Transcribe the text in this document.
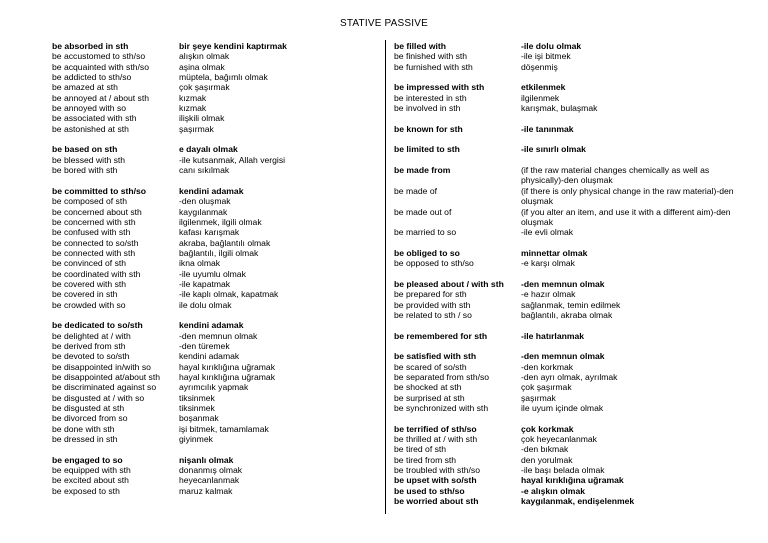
STATIVE PASSIVE
be absorbed in sth	bir şeye kendini kaptırmak
be accustomed to sth/so	alışkın olmak
be acquainted with sth/so	aşina olmak
be addicted to sth/so	müptela, bağımlı olmak
be amazed at sth	çok şaşırmak
be annoyed at / about sth	kızmak
be annoyed with so	kızmak
be associated with sth	ilişkili olmak
be astonished at sth	şaşırmak
be based on sth	e dayalı olmak
be blessed with sth	-ile kutsanmak, Allah vergisi
be bored with sth	canı sıkılmak
be committed to sth/so	kendini adamak
be composed of sth	-den oluşmak
be concerned about sth	kaygılanmak
be concerned with sth	ilgilenmek, ilgili olmak
be confused with sth	kafası karışmak
be connected to so/sth	akraba, bağlantılı olmak
be connected with sth	bağlantılı, ilgili olmak
be convinced of sth	ikna olmak
be coordinated with sth	-ile uyumlu olmak
be covered with sth	-ile kapatmak
be covered in sth	-ile kaplı olmak, kapatmak
be crowded with so	ile dolu olmak
be dedicated to so/sth	kendini adamak
be delighted at / with	-den memnun olmak
be derived from sth	-den türemek
be devoted to so/sth	kendini adamak
be disappointed in/with so	hayal kırıklığına uğramak
be disappointed at/about sth	hayal kırıklığına uğramak
be discriminated against so	ayrımcılık yapmak
be disgusted at / with so	tiksinmek
be disgusted at sth	tiksinmek
be divorced from so	boşanmak
be done with sth	işi bitmek, tamamlamak
be dressed in sth	giyinmek
be engaged to so	nişanlı olmak
be equipped with sth	donanmış olmak
be excited about sth	heyecanlanmak
be exposed to sth	maruz kalmak
be filled with	-ile dolu olmak
be finished with sth	-ile işi bitmek
be furnished with sth	döşenmiş
be impressed with sth	etkilenmek
be interested in sth	ilgilenmek
be involved in sth	karışmak, bulaşmak
be known for sth	-ile tanınmak
be limited to sth	-ile sınırlı olmak
be made from	(if the raw material changes chemically as well as physically)-den oluşmak
be made of	(if there is only physical change in the raw material)-den oluşmak
be made out of	(if you alter an item, and use it with a different aim)-den oluşmak
be married to so	-ile evli olmak
be obliged to so	minnettar olmak
be opposed to sth/so	-e karşı olmak
be pleased about / with sth	-den memnun olmak
be prepared for sth	-e hazır olmak
be provided with sth	sağlanmak, temin edilmek
be related to sth / so	bağlantılı, akraba olmak
be remembered for sth	-ile hatırlanmak
be satisfied with sth	-den memnun olmak
be scared of so/sth	-den korkmak
be separated from sth/so	-den ayrı olmak, ayrılmak
be shocked at sth	çok şaşırmak
be surprised at sth	şaşırmak
be synchronized with sth	ile uyum içinde olmak
be terrified of sth/so	çok korkmak
be thrilled at / with sth	çok heyecanlanmak
be tired of sth	-den bıkmak
be tired from sth	den yorulmak
be troubled with sth/so	-ile başı belada olmak
be upset with so/sth	hayal kırıklığına uğramak
be used to sth/so	-e alışkın olmak
be worried about sth	kaygılanmak, endişelenmek
